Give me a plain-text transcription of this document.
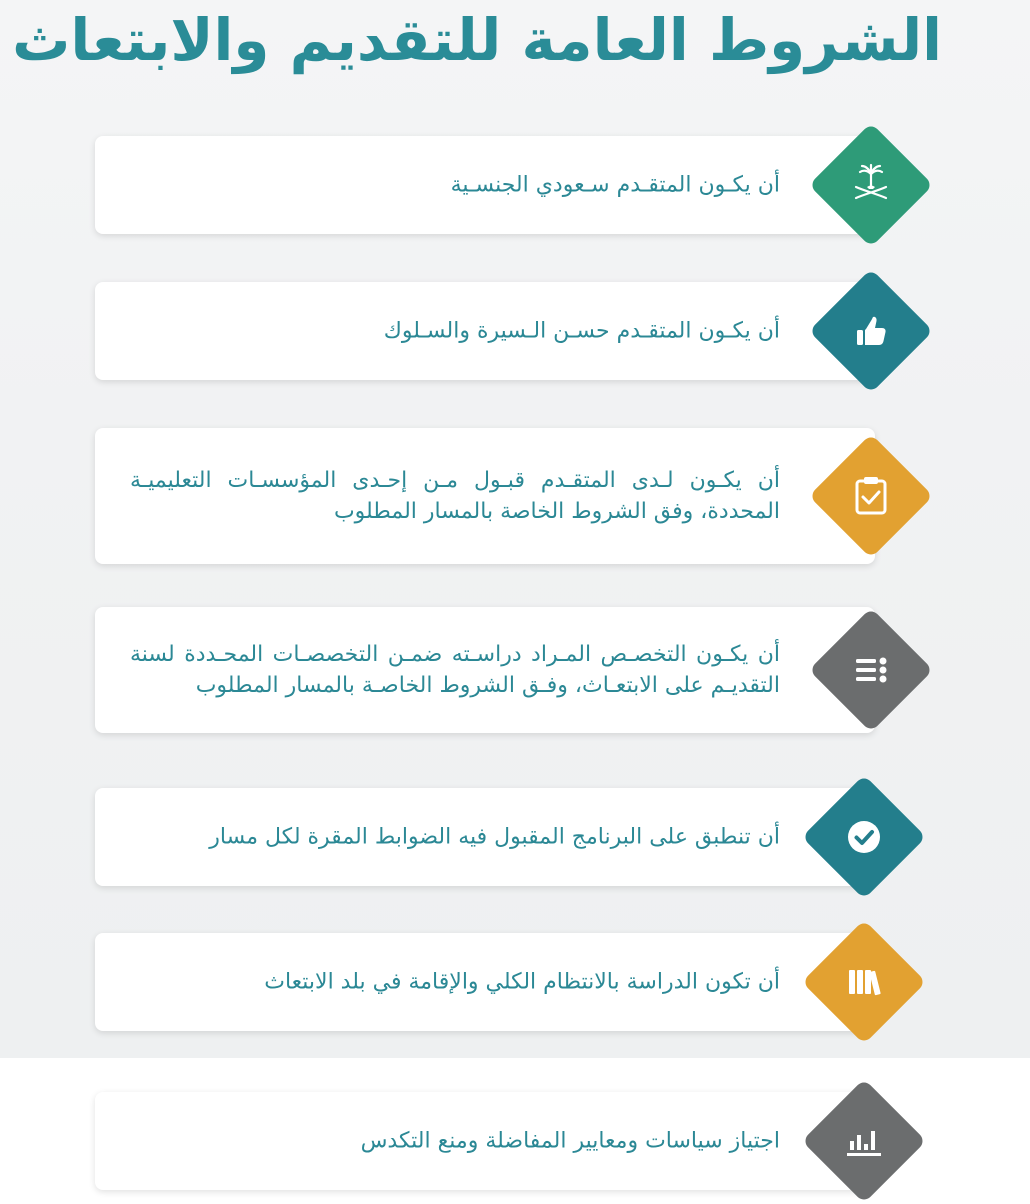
الشروط العامة للتقديم والابتعاث

أن يكـون المتقـدم سـعودي الجنسـية

أن يكـون المتقـدم حسـن الـسيرة والسـلوك

أن يكـون لـدى المتقـدم قبـول مـن إحـدى المؤسسـات التعليميـة المحددة، وفق الشروط الخاصة بالمسار المطلوب

أن يكـون التخصـص المـراد دراسـته ضمـن التخصصـات المحـددة لسنة التقديـم على الابتعـاث، وفـق الشروط الخاصـة بالمسار المطلوب

أن تنطبق على البرنامج المقبول فيه الضوابط المقرة لكل مسار

أن تكون الدراسة بالانتظام الكلي والإقامة في بلد الابتعاث

اجتياز سياسات ومعايير المفاضلة ومنع التكدس
